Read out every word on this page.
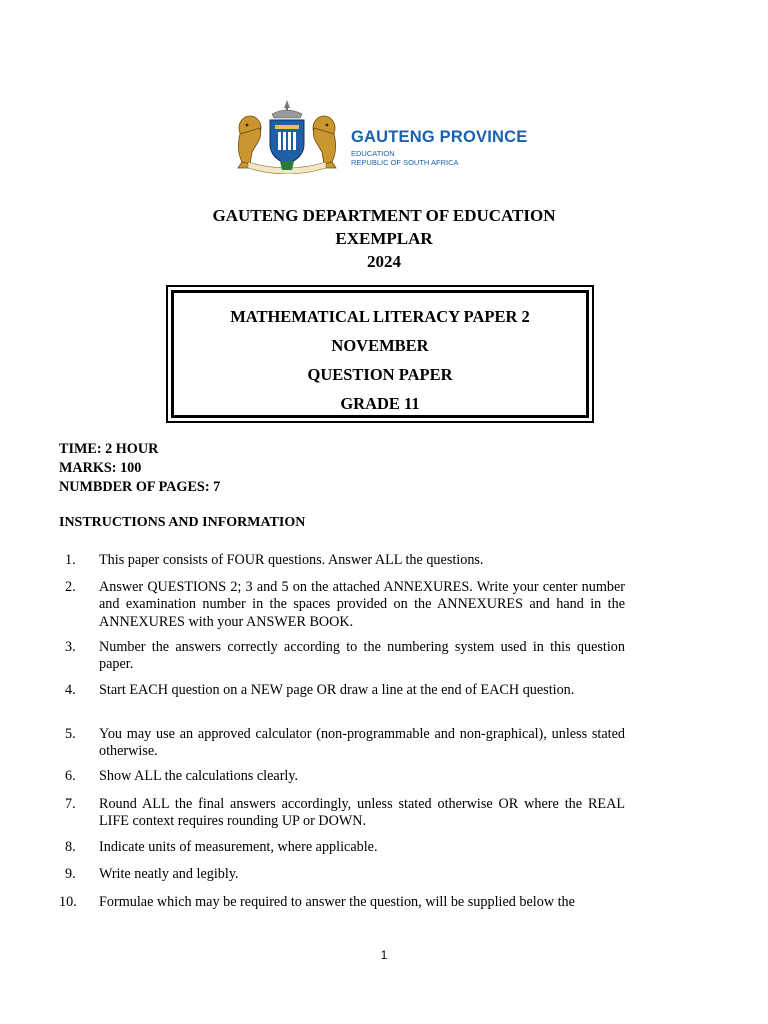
GAUTENG PROVINCE
EDUCATION
REPUBLIC OF SOUTH AFRICA
GAUTENG DEPARTMENT OF EDUCATION
EXEMPLAR
2024
MATHEMATICAL LITERACY PAPER 2
NOVEMBER
QUESTION PAPER
GRADE 11
TIME: 2 HOUR
MARKS: 100
NUMBDER OF PAGES: 7
INSTRUCTIONS AND INFORMATION
1. This paper consists of FOUR questions. Answer ALL the questions.
2. Answer QUESTIONS 2; 3 and 5 on the attached ANNEXURES. Write your center number and examination number in the spaces provided on the ANNEXURES and hand in the ANNEXURES with your ANSWER BOOK.
3. Number the answers correctly according to the numbering system used in this question paper.
4. Start EACH question on a NEW page OR draw a line at the end of EACH question.
5. You may use an approved calculator (non-programmable and non-graphical), unless stated otherwise.
6. Show ALL the calculations clearly.
7. Round ALL the final answers accordingly, unless stated otherwise OR where the REAL LIFE context requires rounding UP or DOWN.
8. Indicate units of measurement, where applicable.
9. Write neatly and legibly.
10. Formulae which may be required to answer the question, will be supplied below the
1
